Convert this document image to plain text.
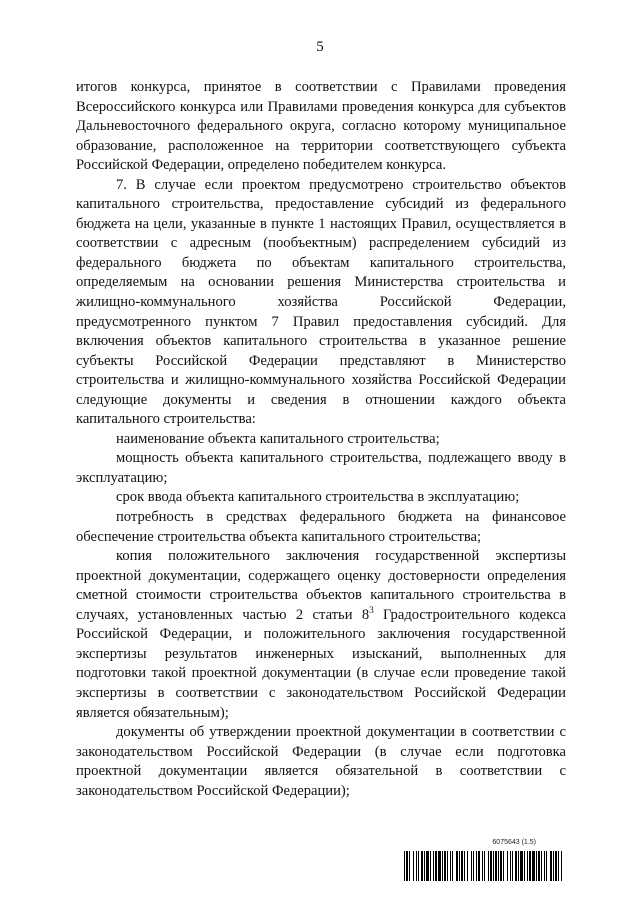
5

итогов конкурса, принятое в соответствии с Правилами проведения Всероссийского конкурса или Правилами проведения конкурса для субъектов Дальневосточного федерального округа, согласно которому муниципальное образование, расположенное на территории соответствующего субъекта Российской Федерации, определено победителем конкурса.

7. В случае если проектом предусмотрено строительство объектов капитального строительства, предоставление субсидий из федерального бюджета на цели, указанные в пункте 1 настоящих Правил, осуществляется в соответствии с адресным (пообъектным) распределением субсидий из федерального бюджета по объектам капитального строительства, определяемым на основании решения Министерства строительства и жилищно-коммунального хозяйства Российской Федерации, предусмотренного пунктом 7 Правил предоставления субсидий. Для включения объектов капитального строительства в указанное решение субъекты Российской Федерации представляют в Министерство строительства и жилищно-коммунального хозяйства Российской Федерации следующие документы и сведения в отношении каждого объекта капитального строительства:

наименование объекта капитального строительства;

мощность объекта капитального строительства, подлежащего вводу в эксплуатацию;

срок ввода объекта капитального строительства в эксплуатацию;

потребность в средствах федерального бюджета на финансовое обеспечение строительства объекта капитального строительства;

копия положительного заключения государственной экспертизы проектной документации, содержащего оценку достоверности определения сметной стоимости строительства объектов капитального строительства в случаях, установленных частью 2 статьи $8^3$ Градостроительного кодекса Российской Федерации, и положительного заключения государственной экспертизы результатов инженерных изысканий, выполненных для подготовки такой проектной документации (в случае если проведение такой экспертизы в соответствии с законодательством Российской Федерации является обязательным);

документы об утверждении проектной документации в соответствии с законодательством Российской Федерации (в случае если подготовка проектной документации является обязательной в соответствии с законодательством Российской Федерации);

6075643 (1.5)
